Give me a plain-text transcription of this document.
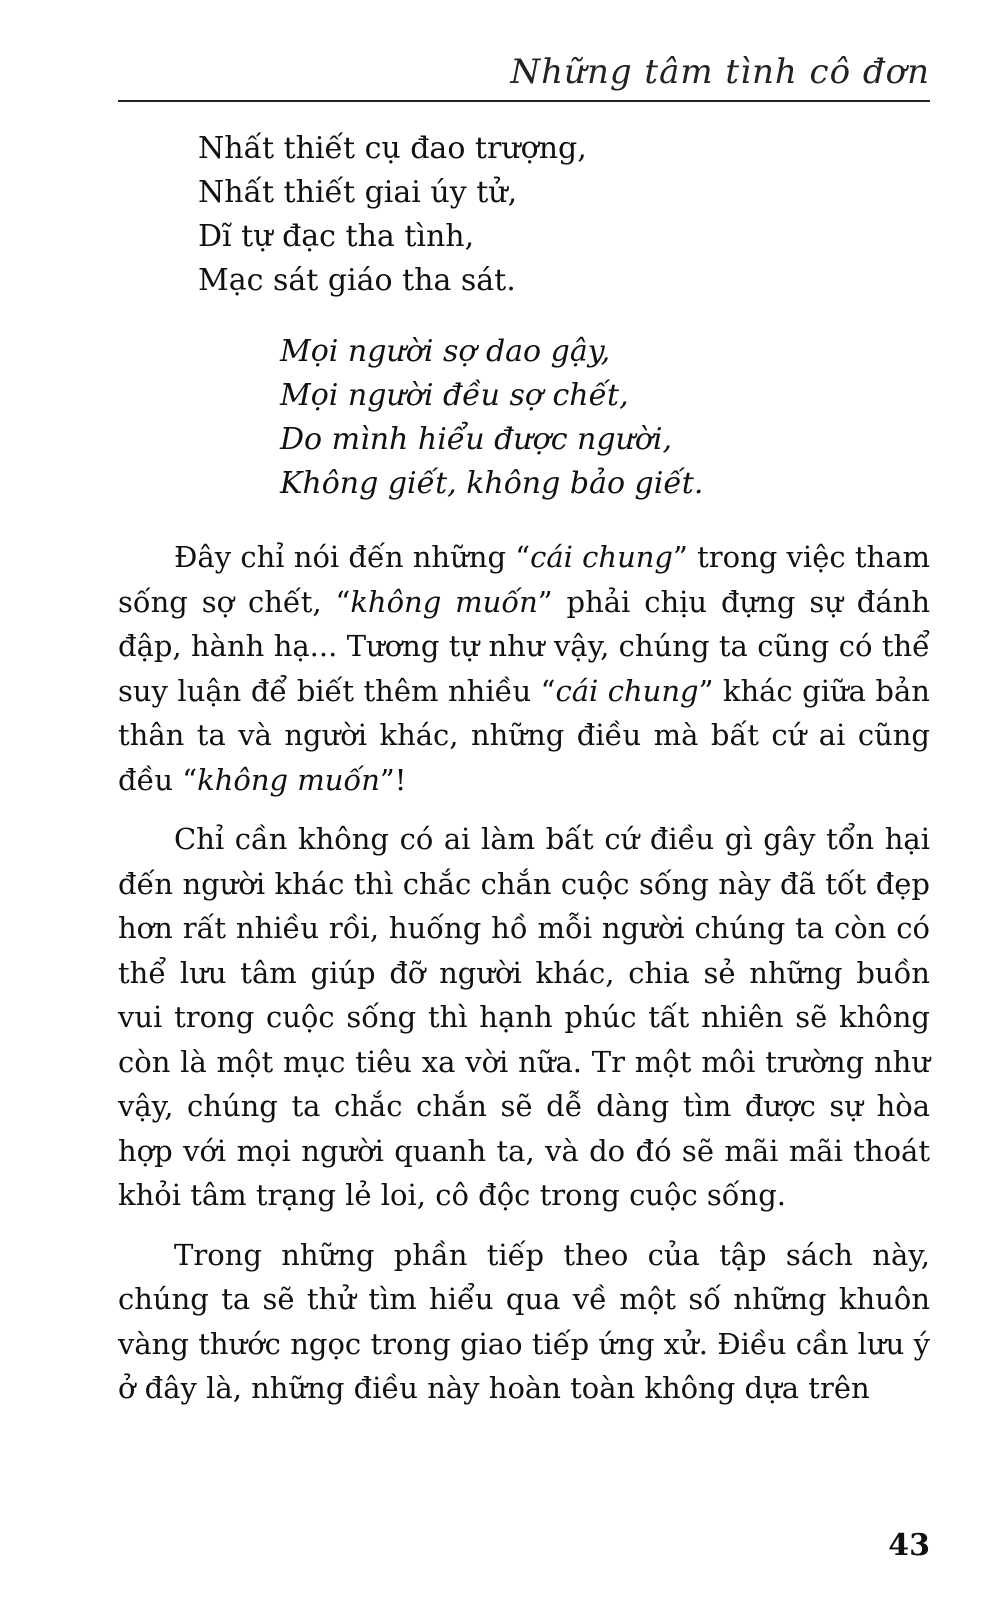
Những tâm tình cô đơn
Nhất thiết cụ đao trượng,
Nhất thiết giai úy tử,
Dĩ tự đạc tha tình,
Mạc sát giáo tha sát.
Mọi người sợ dao gậy,
Mọi người đều sợ chết,
Do mình hiểu được người,
Không giết, không bảo giết.

Đây chỉ nói đến những “cái chung” trong việc tham sống sợ chết, “không muốn” phải chịu đựng sự đánh đập, hành hạ... Tương tự như vậy, chúng ta cũng có thể suy luận để biết thêm nhiều “cái chung” khác giữa bản thân ta và người khác, những điều mà bất cứ ai cũng đều “không muốn”!

Chỉ cần không có ai làm bất cứ điều gì gây tổn hại đến người khác thì chắc chắn cuộc sống này đã tốt đẹp hơn rất nhiều rồi, huống hồ mỗi người chúng ta còn có thể lưu tâm giúp đỡ người khác, chia sẻ những buồn vui trong cuộc sống thì hạnh phúc tất nhiên sẽ không còn là một mục tiêu xa vời nữa. Tr một môi trường như vậy, chúng ta chắc chắn sẽ dễ dàng tìm được sự hòa hợp với mọi người quanh ta, và do đó sẽ mãi mãi thoát khỏi tâm trạng lẻ loi, cô độc trong cuộc sống.

Trong những phần tiếp theo của tập sách này, chúng ta sẽ thử tìm hiểu qua về một số những khuôn vàng thước ngọc trong giao tiếp ứng xử. Điều cần lưu ý ở đây là, những điều này hoàn toàn không dựa trên

43
